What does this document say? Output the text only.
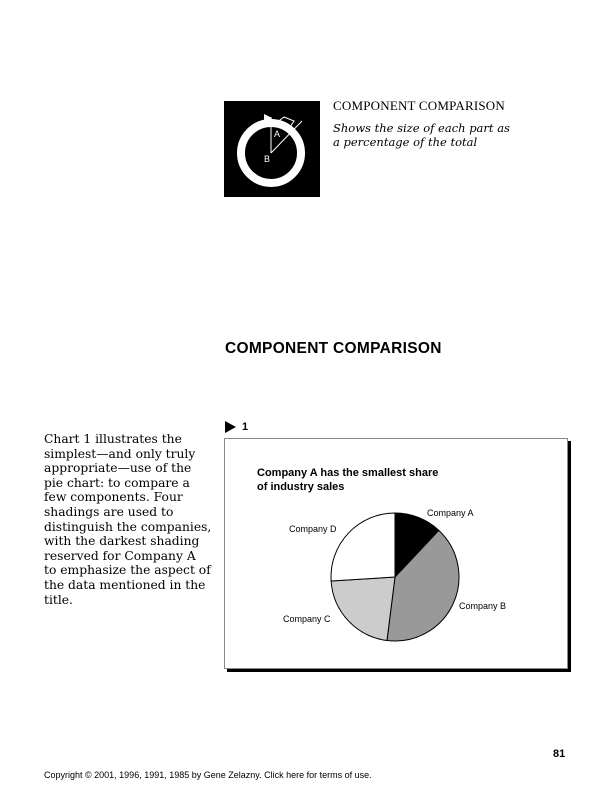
A
B
COMPONENT COMPARISON
Shows the size of each part as
a percentage of the total
COMPONENT COMPARISON
1
Chart 1 illustrates the
simplest—and only truly
appropriate—use of the
pie chart: to compare a
few components. Four
shadings are used to
distinguish the companies,
with the darkest shading
reserved for Company A
to emphasize the aspect of
the data mentioned in the
title.
Company A has the smallest share
of industry sales
Company A
Company B
Company C
Company D
81
Copyright © 2001, 1996, 1991, 1985 by Gene Zelazny. Click here for terms of use.
